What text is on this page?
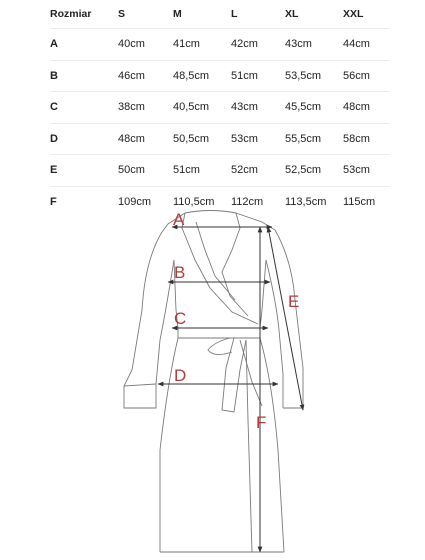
Rozmiar	S	M	L	XL	XXL
A	40cm	41cm	42cm	43cm	44cm
B	46cm	48,5cm	51cm	53,5cm	56cm
C	38cm	40,5cm	43cm	45,5cm	48cm
D	48cm	50,5cm	53cm	55,5cm	58cm
E	50cm	51cm	52cm	52,5cm	53cm
F	109cm	110,5cm	112cm	113,5cm	115cm
A
B
C
D
E
F
